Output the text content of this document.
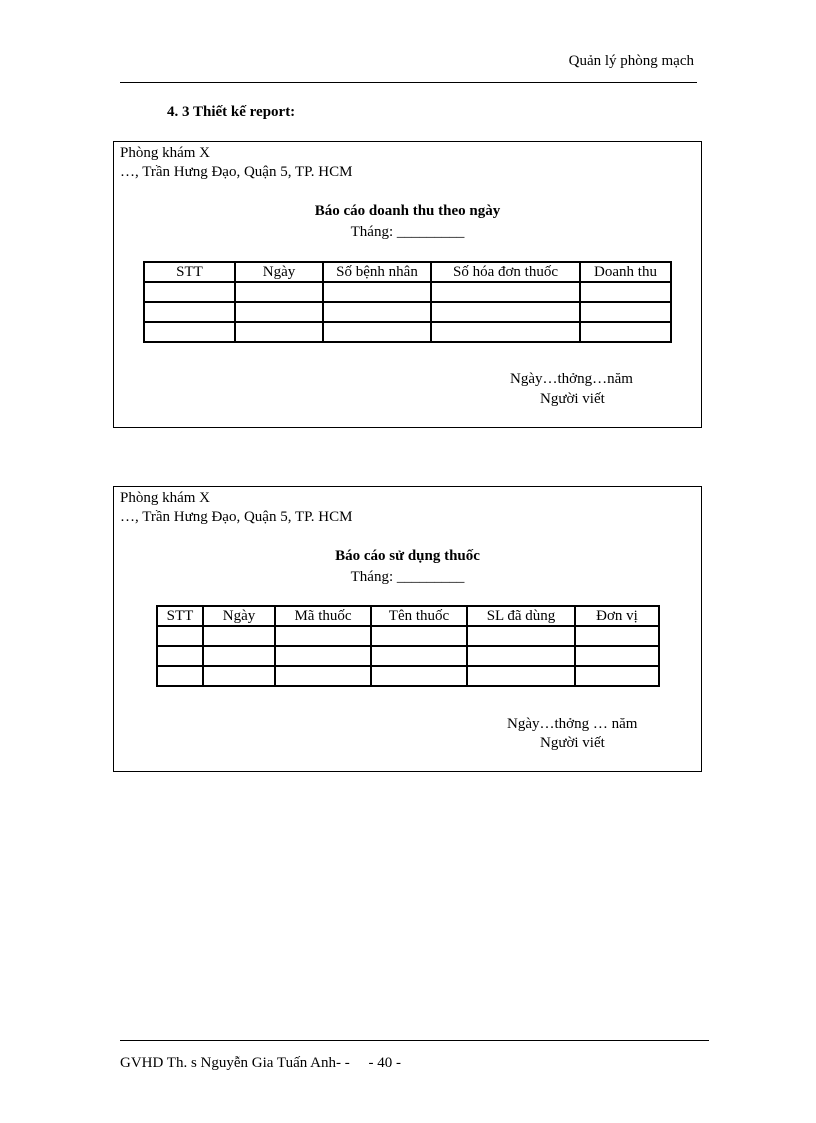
Quản lý phòng mạch
4. 3 Thiết kế report:
Phòng khám X
…, Trần Hưng Đạo, Quận 5, TP. HCM
Báo cáo doanh thu theo ngày
Tháng: _________
STT	Ngày	Số bệnh nhân	Số hóa đơn thuốc	Doanh thu

Ngày…thởng…năm
Người viết
Phòng khám X
…, Trần Hưng Đạo, Quận 5, TP. HCM
Báo cáo sử dụng thuốc
Tháng: _________
STT	Ngày	Mã thuốc	Tên thuốc	SL đã dùng	Đơn vị

Ngày…thởng … năm
Người viết
GVHD Th. s Nguyễn Gia Tuấn Anh- -     - 40 -
